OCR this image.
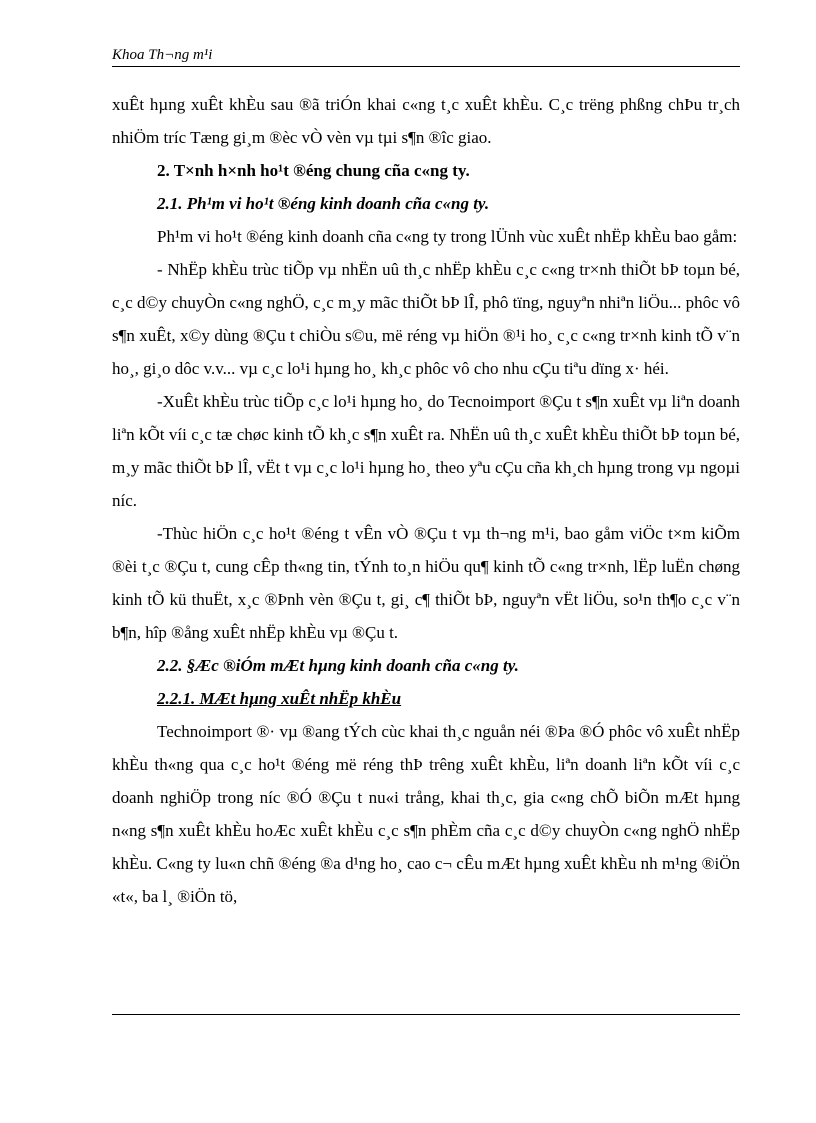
Khoa Th¬ng m¹i

xuÊt hµng xuÊt khÈu sau ®ã triÓn khai c«ng t¸c xuÊt khÈu. C¸c trëng phßng chÞu tr¸ch nhiÖm tríc Tæng gi¸m ®èc vÒ vèn vµ tµi s¶n ®îc giao.

2. T×nh h×nh ho¹t ®éng chung cña c«ng ty.

2.1. Ph¹m vi ho¹t ®éng kinh doanh cña c«ng ty.

Ph¹m vi ho¹t ®éng kinh doanh cña c«ng ty trong lÜnh vùc xuÊt nhËp khÈu bao gåm:

- NhËp khÈu trùc tiÕp vµ nhËn uû th¸c nhËp khÈu c¸c c«ng tr×nh thiÕt bÞ toµn bé, c¸c d©y chuyÒn c«ng nghÖ, c¸c m¸y mãc thiÕt bÞ lÎ, phô tïng, nguyªn nhiªn liÖu... phôc vô s¶n xuÊt, x©y dùng ®Çu t chiÒu s©u, më réng vµ hiÖn ®¹i ho¸ c¸c c«ng tr×nh kinh tÕ v¨n ho¸, gi¸o dôc v.v... vµ c¸c lo¹i hµng ho¸ kh¸c phôc vô cho nhu cÇu tiªu dïng x· héi.

-XuÊt khÈu trùc tiÕp c¸c lo¹i hµng ho¸ do Tecnoimport ®Çu t s¶n xuÊt vµ liªn doanh liªn kÕt víi c¸c tæ chøc kinh tÕ kh¸c s¶n xuÊt ra. NhËn uû th¸c xuÊt khÈu thiÕt bÞ toµn bé, m¸y mãc thiÕt bÞ lÎ, vËt t vµ c¸c lo¹i hµng ho¸ theo yªu cÇu cña kh¸ch hµng trong vµ ngoµi níc.

-Thùc hiÖn c¸c ho¹t ®éng t vÊn vÒ ®Çu t vµ th¬ng m¹i, bao gåm viÖc t×m kiÕm ®èi t¸c ®Çu t, cung cÊp th«ng tin, tÝnh to¸n hiÖu qu¶ kinh tÕ c«ng tr×nh, lËp luËn chøng kinh tÕ kü thuËt, x¸c ®Þnh vèn ®Çu t, gi¸ c¶ thiÕt bÞ, nguyªn vËt liÖu, so¹n th¶o c¸c v¨n b¶n, hîp ®ång xuÊt nhËp khÈu vµ ®Çu t.

2.2. §Æc ®iÓm mÆt hµng kinh doanh cña c«ng ty.

2.2.1. MÆt hµng xuÊt nhËp khÈu

Technoimport ®· vµ ®ang tÝch cùc khai th¸c nguån néi ®Þa ®Ó phôc vô xuÊt nhËp khÈu th«ng qua c¸c ho¹t ®éng më réng thÞ trêng xuÊt khÈu, liªn doanh liªn kÕt víi c¸c doanh nghiÖp trong níc ®Ó ®Çu t nu«i trång, khai th¸c, gia c«ng chÕ biÕn mÆt hµng n«ng s¶n xuÊt khÈu hoÆc xuÊt khÈu c¸c s¶n phÈm cña c¸c d©y chuyÒn c«ng nghÖ nhËp khÈu. C«ng ty lu«n chñ ®éng ®a d¹ng ho¸ cao c¬ cÊu mÆt hµng xuÊt khÈu nh m¹ng ®iÖn «t«, ba l¸ ®iÖn tö,
